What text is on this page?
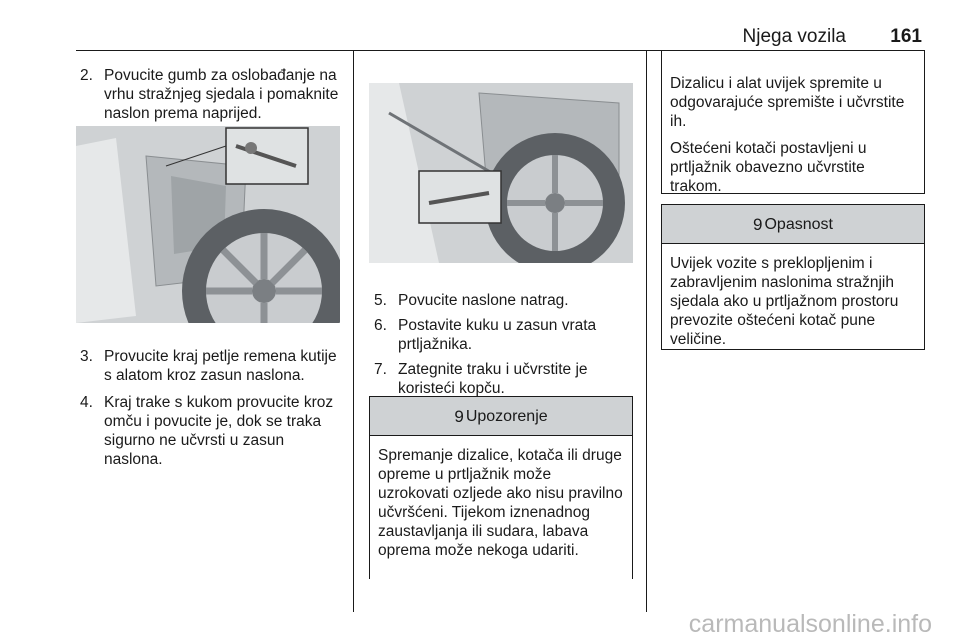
Njega vozila 161
2. Povucite gumb za oslobađanje na vrhu stražnjeg sjedala i pomaknite naslon prema naprijed.
3. Provucite kraj petlje remena kutije s alatom kroz zasun naslona.
4. Kraj trake s kukom provucite kroz omču i povucite je, dok se traka sigurno ne učvrsti u zasun naslona.
5. Povucite naslone natrag.
6. Postavite kuku u zasun vrata prtljažnika.
7. Zategnite traku i učvrstite je koristeći kopču.
9 Upozorenje
Spremanje dizalice, kotača ili druge opreme u prtljažnik može uzrokovati ozljede ako nisu pravilno učvršćeni. Tijekom iznenadnog zaustavljanja ili sudara, labava oprema može nekoga udariti.

Dizalicu i alat uvijek spremite u odgovarajuće spremište i učvrstite ih.

Oštećeni kotači postavljeni u prtljažnik obavezno učvrstite trakom.

9 Opasnost
Uvijek vozite s preklopljenim i zabravljenim naslonima stražnjih sjedala ako u prtljažnom prostoru prevozite oštećeni kotač pune veličine.
carmanualsonline.info
